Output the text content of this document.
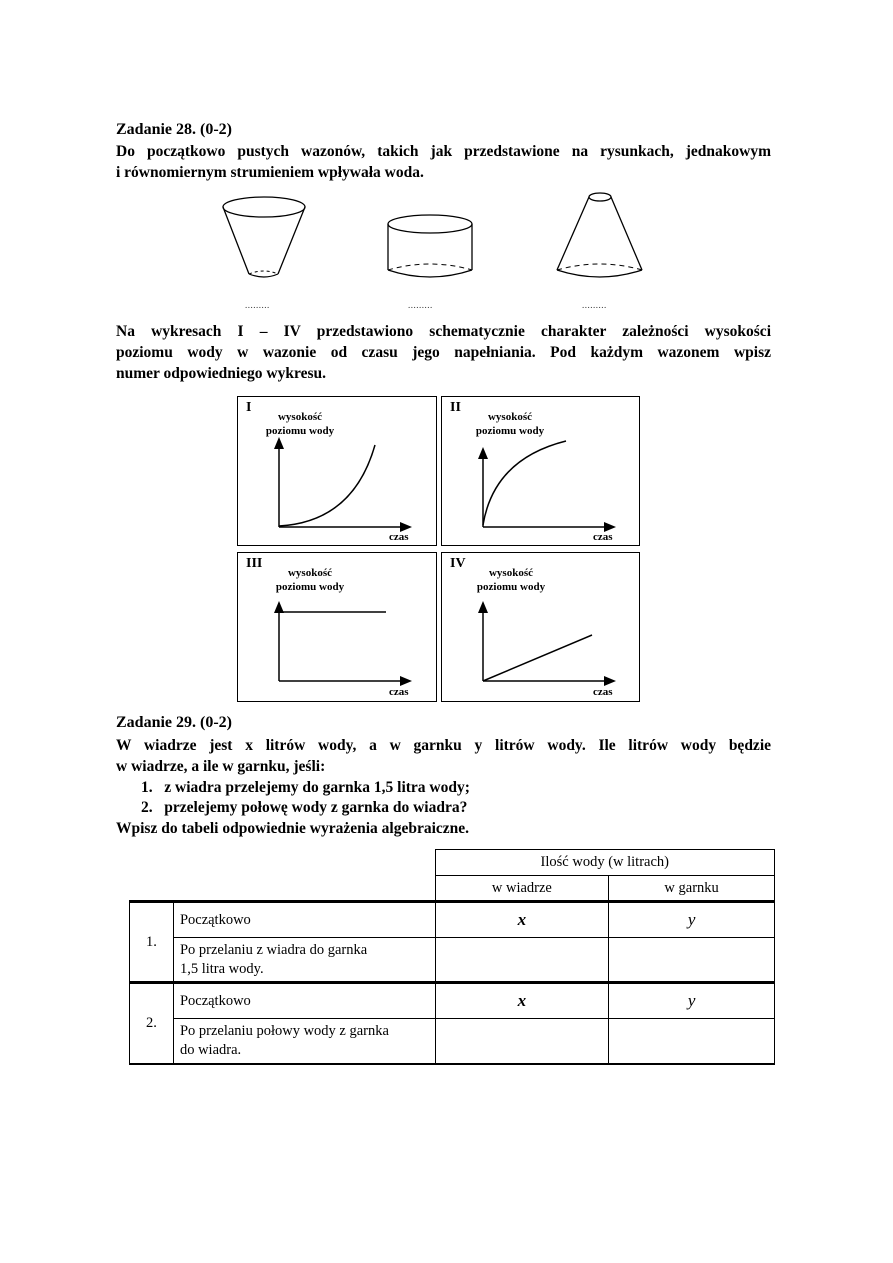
Zadanie 28. (0-2)
Do początkowo pustych wazonów, takich jak przedstawione na rysunkach, jednakowym
i równomiernym strumieniem wpływała woda.
.........	.........	.........
Na wykresach I – IV przedstawiono schematycznie charakter zależności wysokości
poziomu wody w wazonie od czasu jego napełniania. Pod każdym wazonem wpisz
numer odpowiedniego wykresu.
I
wysokość
poziomu wody
czas
II
wysokość
poziomu wody
czas
III
wysokość
poziomu wody
czas
IV
wysokość
poziomu wody
czas
Zadanie 29. (0-2)
W wiadrze jest x litrów wody, a w garnku y litrów wody. Ile litrów wody będzie
w wiadrze, a ile w garnku, jeśli:
1.   z wiadra przelejemy do garnka 1,5 litra wody;
2.   przelejemy połowę wody z garnka do wiadra?
Wpisz do tabeli odpowiednie wyrażenia algebraiczne.
		Ilość wody (w litrach)	
		w wiadrze	w garnku
1.	Początkowo	x	y
	Po przelaniu z wiadra do garnka
1,5 litra wody.		
2.	Początkowo	x	y
	Po przelaniu połowy wody z garnka
do wiadra.		
